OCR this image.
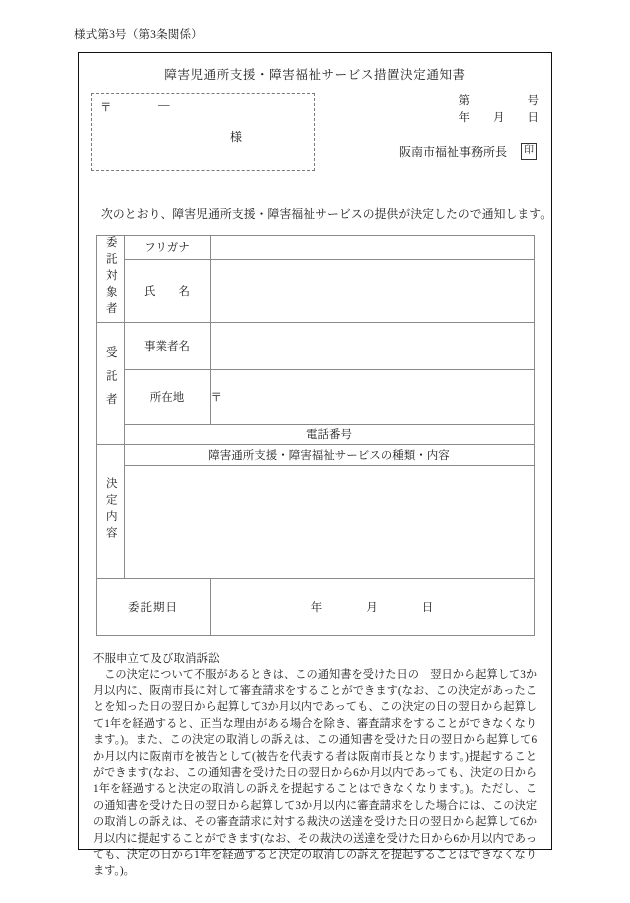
様式第3号（第3条関係）
障害児通所支援・障害福祉サービス措置決定通知書
〒	―
様
第　　　　　号
年　　月　　日
阪南市福祉事務所長	印
次のとおり、障害児通所支援・障害福祉サービスの提供が決定したので通知します。
委託対象者	フリガナ	
	氏　　名	
受託者	事業者名	
	所在地	〒
	電話番号	
決定内容	障害通所支援・障害福祉サービスの種類・内容	

委託期日		年 月 日
不服申立て及び取消訴訟
この決定について不服があるときは、この通知書を受けた日の　翌日から起算して3か月以内に、阪南市長に対して審査請求をすることができます(なお、この決定があったことを知った日の翌日から起算して3か月以内であっても、この決定の日の翌日から起算して1年を経過すると、正当な理由がある場合を除き、審査請求をすることができなくなります。)。また、この決定の取消しの訴えは、この通知書を受けた日の翌日から起算して6か月以内に阪南市を被告として(被告を代表する者は阪南市長となります。)提起することができます(なお、この通知書を受けた日の翌日から6か月以内であっても、決定の日から1年を経過すると決定の取消しの訴えを提起することはできなくなります。)。ただし、この通知書を受けた日の翌日から起算して3か月以内に審査請求をした場合には、この決定の取消しの訴えは、その審査請求に対する裁決の送達を受けた日の翌日から起算して6か月以内に提起することができます(なお、その裁決の送達を受けた日から6か月以内であっても、決定の日から1年を経過すると決定の取消しの訴えを提起することはできなくなります。)。
